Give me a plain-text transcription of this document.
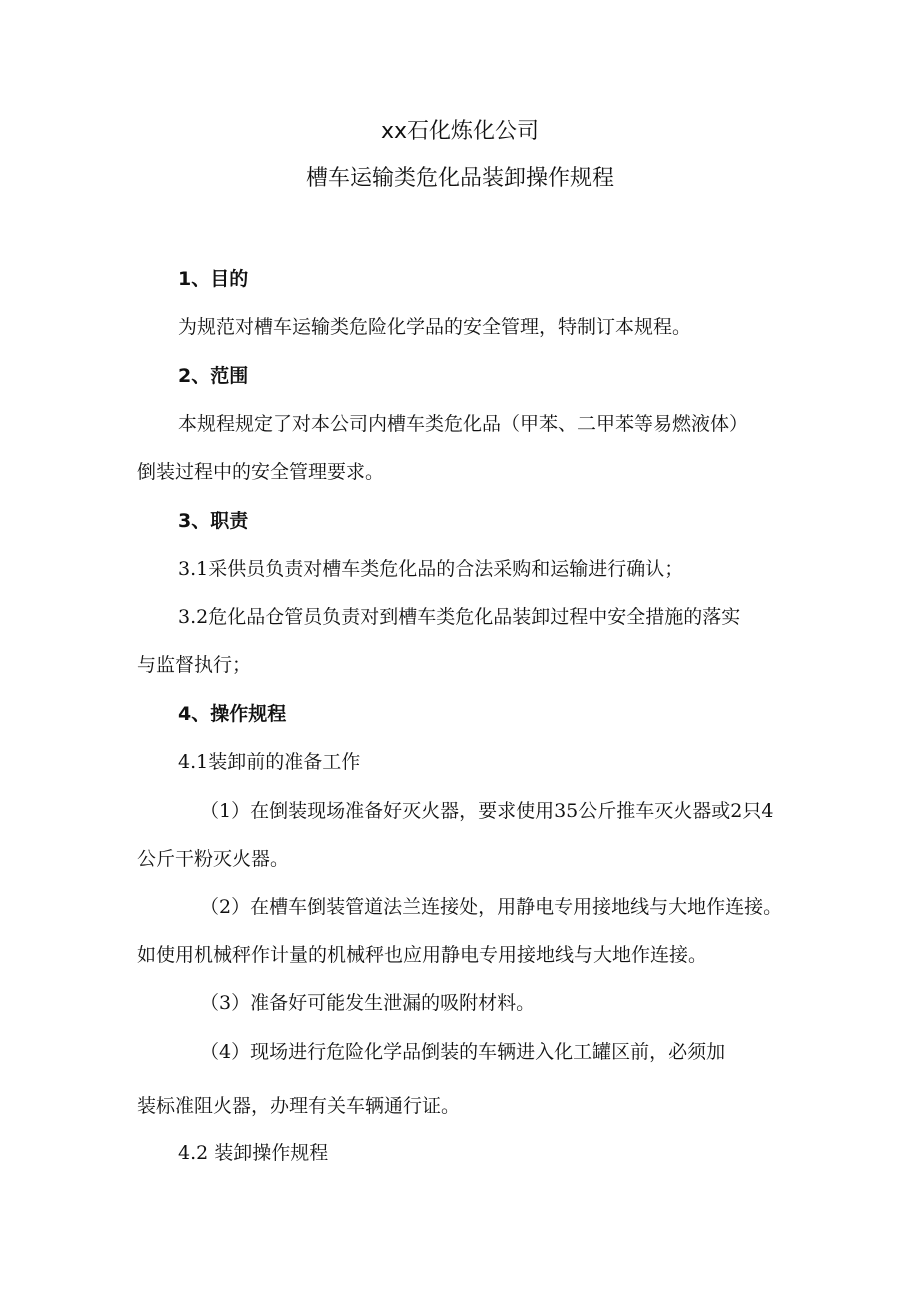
xx石化炼化公司
槽车运输类危化品装卸操作规程
1、目的
为规范对槽车运输类危险化学品的安全管理，特制订本规程。
2、范围
本规程规定了对本公司内槽车类危化品（甲苯、二甲苯等易燃液体）
倒装过程中的安全管理要求。
3、职责
3.1采供员负责对槽车类危化品的合法采购和运输进行确认；
3.2危化品仓管员负责对到槽车类危化品装卸过程中安全措施的落实
与监督执行；
4、操作规程
4.1装卸前的准备工作
（1）在倒装现场准备好灭火器，要求使用35公斤推车灭火器或2只4
公斤干粉灭火器。
（2）在槽车倒装管道法兰连接处，用静电专用接地线与大地作连接。
如使用机械秤作计量的机械秤也应用静电专用接地线与大地作连接。
（3）准备好可能发生泄漏的吸附材料。
（4）现场进行危险化学品倒装的车辆进入化工罐区前，必须加
装标准阻火器，办理有关车辆通行证。
4.2 装卸操作规程
